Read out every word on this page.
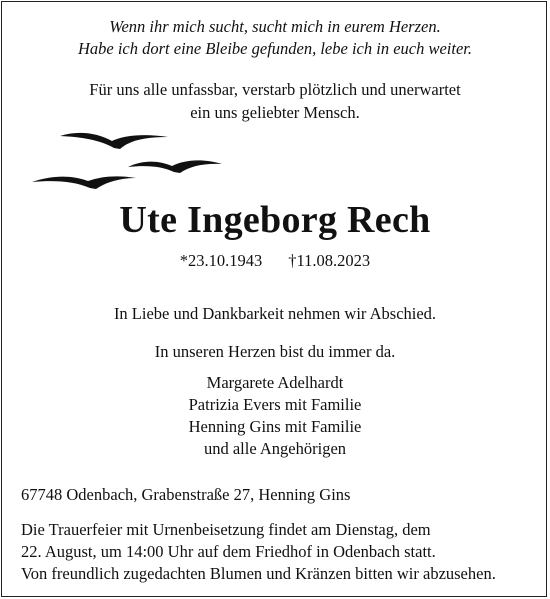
Wenn ihr mich sucht, sucht mich in eurem Herzen.
Habe ich dort eine Bleibe gefunden, lebe ich in euch weiter.
Für uns alle unfassbar, verstarb plötzlich und unerwartet
ein uns geliebter Mensch.
Ute Ingeborg Rech
*23.10.1943 †11.08.2023
In Liebe und Dankbarkeit nehmen wir Abschied.
In unseren Herzen bist du immer da.
Margarete Adelhardt
Patrizia Evers mit Familie
Henning Gins mit Familie
und alle Angehörigen
67748 Odenbach, Grabenstraße 27, Henning Gins
Die Trauerfeier mit Urnenbeisetzung findet am Dienstag, dem
22. August, um 14:00 Uhr auf dem Friedhof in Odenbach statt.
Von freundlich zugedachten Blumen und Kränzen bitten wir abzusehen.
